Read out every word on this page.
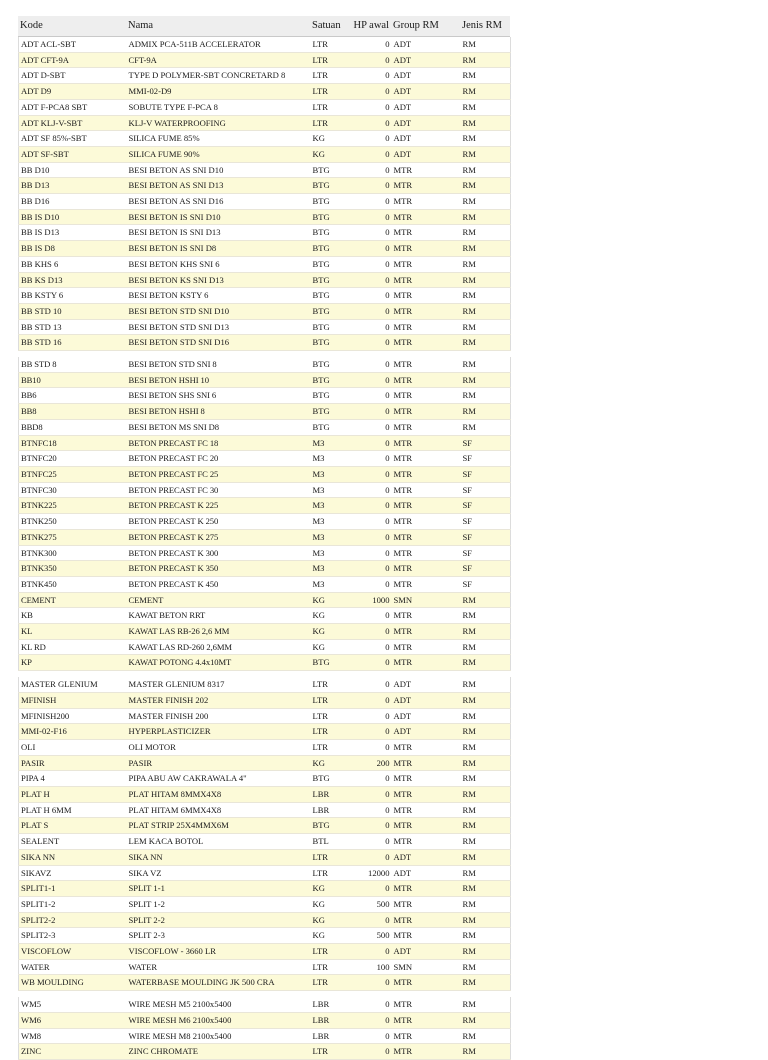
Kode	Nama	Satuan	HP awal	Group RM	Jenis RM
ADT ACL-SBT	ADMIX PCA-511B ACCELERATOR	LTR	0	ADT	RM
ADT CFT-9A	CFT-9A	LTR	0	ADT	RM
ADT D-SBT	TYPE D POLYMER-SBT CONCRETARD 8	LTR	0	ADT	RM
ADT D9	MMI-02-D9	LTR	0	ADT	RM
ADT F-PCA8 SBT	SOBUTE TYPE F-PCA 8	LTR	0	ADT	RM
ADT KLJ-V-SBT	KLJ-V WATERPROOFING	LTR	0	ADT	RM
ADT SF 85%-SBT	SILICA FUME 85%	KG	0	ADT	RM
ADT SF-SBT	SILICA FUME 90%	KG	0	ADT	RM
BB D10	BESI BETON AS SNI D10	BTG	0	MTR	RM
BB D13	BESI BETON AS SNI D13	BTG	0	MTR	RM
BB D16	BESI BETON AS SNI D16	BTG	0	MTR	RM
BB IS D10	BESI BETON IS SNI D10	BTG	0	MTR	RM
BB IS D13	BESI BETON IS SNI D13	BTG	0	MTR	RM
BB IS D8	BESI BETON IS SNI D8	BTG	0	MTR	RM
BB KHS 6	BESI BETON KHS SNI 6	BTG	0	MTR	RM
BB KS D13	BESI BETON KS SNI D13	BTG	0	MTR	RM
BB KSTY 6	BESI BETON KSTY 6	BTG	0	MTR	RM
BB STD 10	BESI BETON STD SNI D10	BTG	0	MTR	RM
BB STD 13	BESI BETON STD SNI D13	BTG	0	MTR	RM
BB STD 16	BESI BETON STD SNI D16	BTG	0	MTR	RM
BB STD 8	BESI BETON STD SNI 8	BTG	0	MTR	RM
BB10	BESI BETON HSHI 10	BTG	0	MTR	RM
BB6	BESI BETON SHS SNI 6	BTG	0	MTR	RM
BB8	BESI BETON HSHI 8	BTG	0	MTR	RM
BBD8	BESI BETON MS SNI D8	BTG	0	MTR	RM
BTNFC18	BETON PRECAST FC 18	M3	0	MTR	SF
BTNFC20	BETON PRECAST FC 20	M3	0	MTR	SF
BTNFC25	BETON PRECAST FC 25	M3	0	MTR	SF
BTNFC30	BETON PRECAST FC 30	M3	0	MTR	SF
BTNK225	BETON PRECAST K 225	M3	0	MTR	SF
BTNK250	BETON PRECAST K 250	M3	0	MTR	SF
BTNK275	BETON PRECAST K 275	M3	0	MTR	SF
BTNK300	BETON PRECAST K 300	M3	0	MTR	SF
BTNK350	BETON PRECAST K 350	M3	0	MTR	SF
BTNK450	BETON PRECAST K 450	M3	0	MTR	SF
CEMENT	CEMENT	KG	1000	SMN	RM
KB	KAWAT BETON RRT	KG	0	MTR	RM
KL	KAWAT LAS RB-26 2,6 MM	KG	0	MTR	RM
KL RD	KAWAT LAS RD-260 2,6MM	KG	0	MTR	RM
KP	KAWAT POTONG 4.4x10MT	BTG	0	MTR	RM
MASTER GLENIUM	MASTER GLENIUM 8317	LTR	0	ADT	RM
MFINISH	MASTER FINISH 202	LTR	0	ADT	RM
MFINISH200	MASTER FINISH 200	LTR	0	ADT	RM
MMI-02-F16	HYPERPLASTICIZER	LTR	0	ADT	RM
OLI	OLI MOTOR	LTR	0	MTR	RM
PASIR	PASIR	KG	200	MTR	RM
PIPA 4	PIPA ABU AW CAKRAWALA 4"	BTG	0	MTR	RM
PLAT H	PLAT HITAM 8MMX4X8	LBR	0	MTR	RM
PLAT H 6MM	PLAT HITAM 6MMX4X8	LBR	0	MTR	RM
PLAT S	PLAT STRIP 25X4MMX6M	BTG	0	MTR	RM
SEALENT	LEM KACA BOTOL	BTL	0	MTR	RM
SIKA NN	SIKA NN	LTR	0	ADT	RM
SIKAVZ	SIKA VZ	LTR	12000	ADT	RM
SPLIT1-1	SPLIT 1-1	KG	0	MTR	RM
SPLIT1-2	SPLIT 1-2	KG	500	MTR	RM
SPLIT2-2	SPLIT 2-2	KG	0	MTR	RM
SPLIT2-3	SPLIT 2-3	KG	500	MTR	RM
VISCOFLOW	VISCOFLOW - 3660 LR	LTR	0	ADT	RM
WATER	WATER	LTR	100	SMN	RM
WB MOULDING	WATERBASE MOULDING JK 500 CRA	LTR	0	MTR	RM
WM5	WIRE MESH M5 2100x5400	LBR	0	MTR	RM
WM6	WIRE MESH M6 2100x5400	LBR	0	MTR	RM
WM8	WIRE MESH M8 2100x5400	LBR	0	MTR	RM
ZINC	ZINC CHROMATE	LTR	0	MTR	RM
